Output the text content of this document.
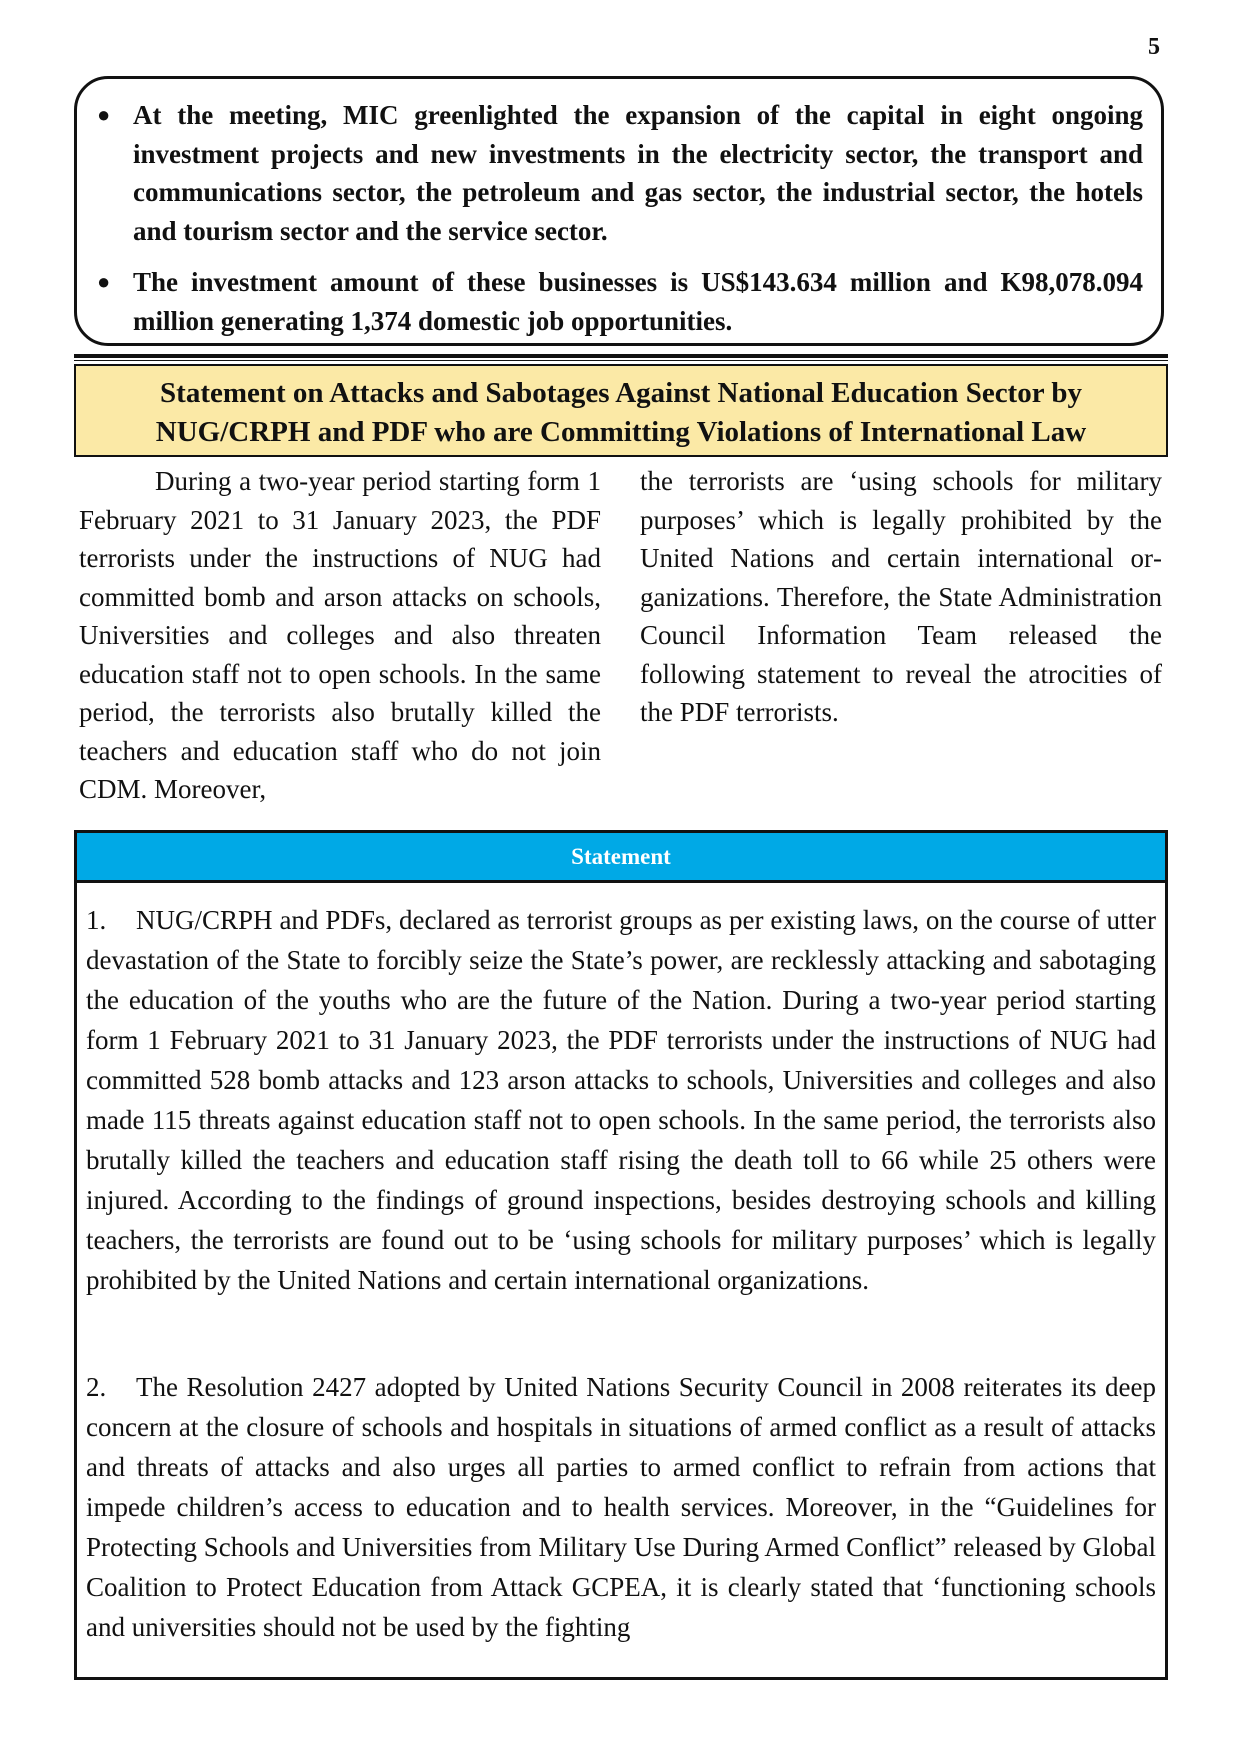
5
● At the meeting, MIC greenlighted the expansion of the capital in eight ongoing investment projects and new investments in the electricity sector, the transport and communications sector, the petroleum and gas sector, the industrial sector, the hotels and tourism sector and the service sector.
● The investment amount of these businesses is US$143.634 million and K98,078.094 million generating 1,374 domestic job opportunities.
Statement on Attacks and Sabotages Against National Education Sector by
NUG/CRPH and PDF who are Committing Violations of International Law
During a two-year period starting form 1 February 2021 to 31 January 2023, the PDF terrorists under the instructions of NUG had committed bomb and arson attacks on schools, Universities and colleges and also threaten education staff not to open schools. In the same period, the terrorists also brutally killed the teachers and education staff who do not join CDM. Moreover,
the terrorists are ‘using schools for military purposes’ which is legally prohibited by the United Nations and certain international organizations. Therefore, the State Administration Council Information Team released the following statement to reveal the atrocities of the PDF terrorists.
Statement

1. NUG/CRPH and PDFs, declared as terrorist groups as per existing laws, on the course of utter devastation of the State to forcibly seize the State’s power, are recklessly attacking and sabotaging the education of the youths who are the future of the Nation. During a two-year period starting form 1 February 2021 to 31 January 2023, the PDF terrorists under the instructions of NUG had committed 528 bomb attacks and 123 arson attacks to schools, Universities and colleges and also made 115 threats against education staff not to open schools. In the same period, the terrorists also brutally killed the teachers and education staff rising the death toll to 66 while 25 others were injured. According to the findings of ground inspections, besides destroying schools and killing teachers, the terrorists are found out to be ‘using schools for military purposes’ which is legally prohibited by the United Nations and certain international organizations.

2. The Resolution 2427 adopted by United Nations Security Council in 2008 reiterates its deep concern at the closure of schools and hospitals in situations of armed conflict as a result of attacks and threats of attacks and also urges all parties to armed conflict to refrain from actions that impede children’s access to education and to health services. Moreover, in the “Guidelines for Protecting Schools and Universities from Military Use During Armed Conflict” released by Global Coalition to Protect Education from Attack GCPEA, it is clearly stated that ‘functioning schools and universities should not be used by the fighting
